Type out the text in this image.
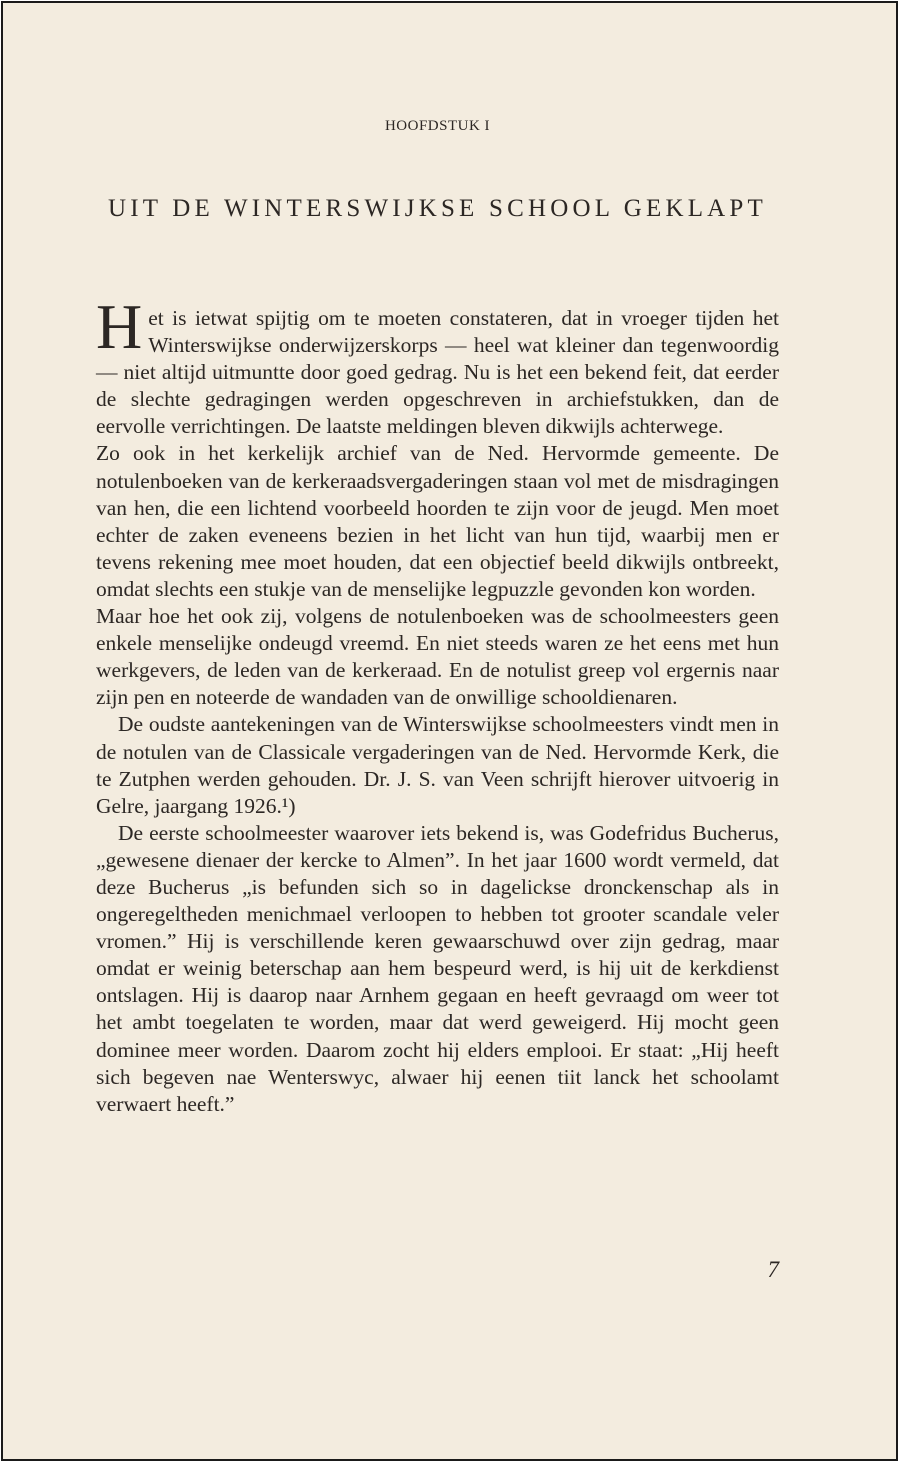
HOOFDSTUK I
UIT DE WINTERSWIJKSE SCHOOL GEKLAPT

Het is ietwat spijtig om te moeten constateren, dat in vroeger tijden het Winterswijkse onderwijzerskorps — heel wat kleiner dan tegenwoordig — niet altijd uitmuntte door goed gedrag. Nu is het een bekend feit, dat eerder de slechte gedragingen werden opgeschreven in archiefstukken, dan de eervolle verrichtingen. De laatste meldingen bleven dikwijls achterwege.

Zo ook in het kerkelijk archief van de Ned. Hervormde gemeente. De notulenboeken van de kerkeraadsvergaderingen staan vol met de misdragingen van hen, die een lichtend voorbeeld hoorden te zijn voor de jeugd. Men moet echter de zaken eveneens bezien in het licht van hun tijd, waarbij men er tevens rekening mee moet houden, dat een objectief beeld dikwijls ontbreekt, omdat slechts een stukje van de menselijke legpuzzle gevonden kon worden.

Maar hoe het ook zij, volgens de notulenboeken was de schoolmeesters geen enkele menselijke ondeugd vreemd. En niet steeds waren ze het eens met hun werkgevers, de leden van de kerkeraad. En de notulist greep vol ergernis naar zijn pen en noteerde de wandaden van de onwillige schooldienaren.

De oudste aantekeningen van de Winterswijkse schoolmeesters vindt men in de notulen van de Classicale vergaderingen van de Ned. Hervormde Kerk, die te Zutphen werden gehouden. Dr. J. S. van Veen schrijft hierover uitvoerig in Gelre, jaargang 1926.¹)

De eerste schoolmeester waarover iets bekend is, was Godefridus Bucherus, „gewesene dienaer der kercke to Almen”. In het jaar 1600 wordt vermeld, dat deze Bucherus „is befunden sich so in dagelickse dronckenschap als in ongeregeltheden menichmael verloopen to hebben tot grooter scandale veler vromen.” Hij is verschillende keren gewaarschuwd over zijn gedrag, maar omdat er weinig beterschap aan hem bespeurd werd, is hij uit de kerkdienst ontslagen. Hij is daarop naar Arnhem gegaan en heeft gevraagd om weer tot het ambt toegelaten te worden, maar dat werd geweigerd. Hij mocht geen dominee meer worden. Daarom zocht hij elders emplooi. Er staat: „Hij heeft sich begeven nae Wenterswyc, alwaer hij eenen tiit lanck het schoolamt verwaert heeft.”

7
